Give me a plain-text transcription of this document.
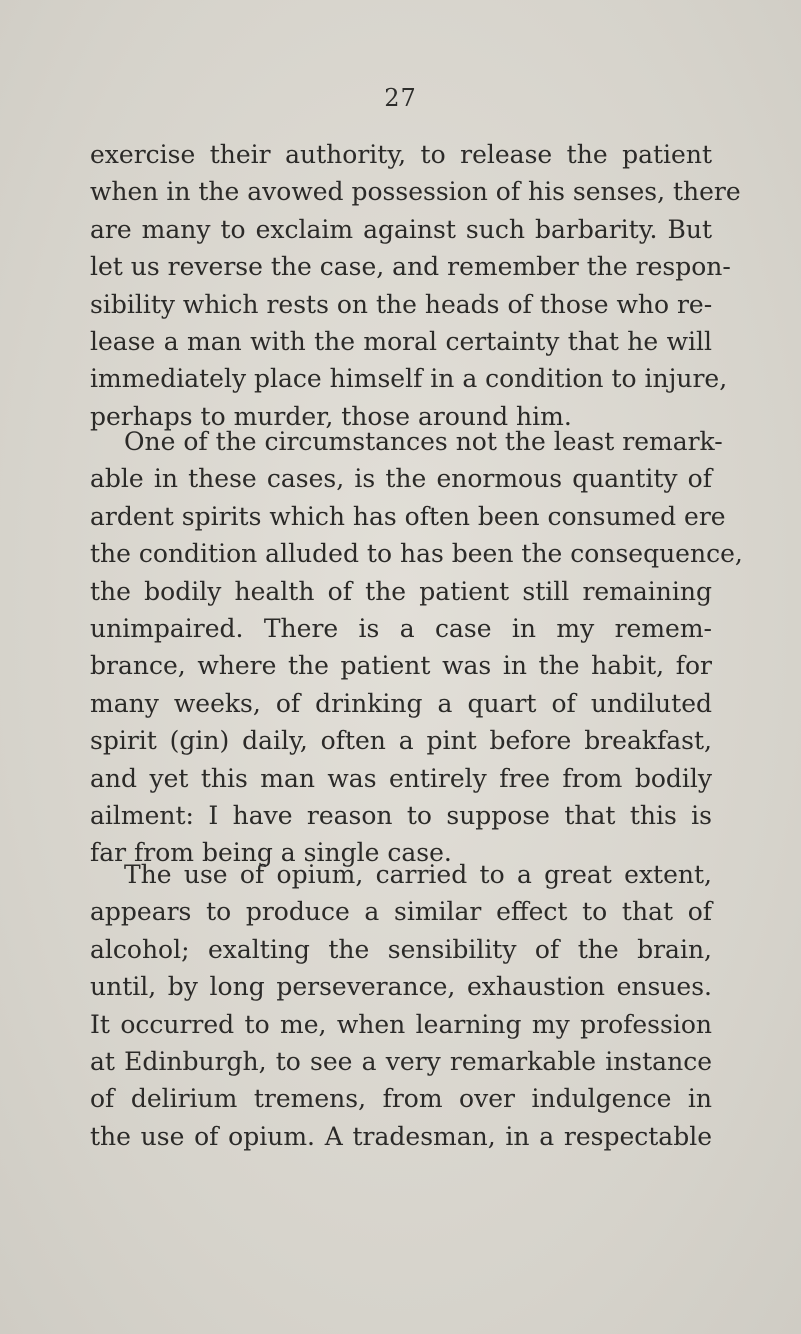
27
exercise their authority, to release the patient
when in the avowed possession of his senses, there
are many to exclaim against such barbarity. But
let us reverse the case, and remember the respon-
sibility which rests on the heads of those who re-
lease a man with the moral certainty that he will
immediately place himself in a condition to injure,
perhaps to murder, those around him.
One of the circumstances not the least remark-
able in these cases, is the enormous quantity of
ardent spirits which has often been consumed ere
the condition alluded to has been the consequence,
the bodily health of the patient still remaining
unimpaired. There is a case in my remem-
brance, where the patient was in the habit, for
many weeks, of drinking a quart of undiluted
spirit (gin) daily, often a pint before breakfast,
and yet this man was entirely free from bodily
ailment: I have reason to suppose that this is
far from being a single case.
The use of opium, carried to a great extent,
appears to produce a similar effect to that of
alcohol; exalting the sensibility of the brain,
until, by long perseverance, exhaustion ensues.
It occurred to me, when learning my profession
at Edinburgh, to see a very remarkable instance
of delirium tremens, from over indulgence in
the use of opium. A tradesman, in a respectable
